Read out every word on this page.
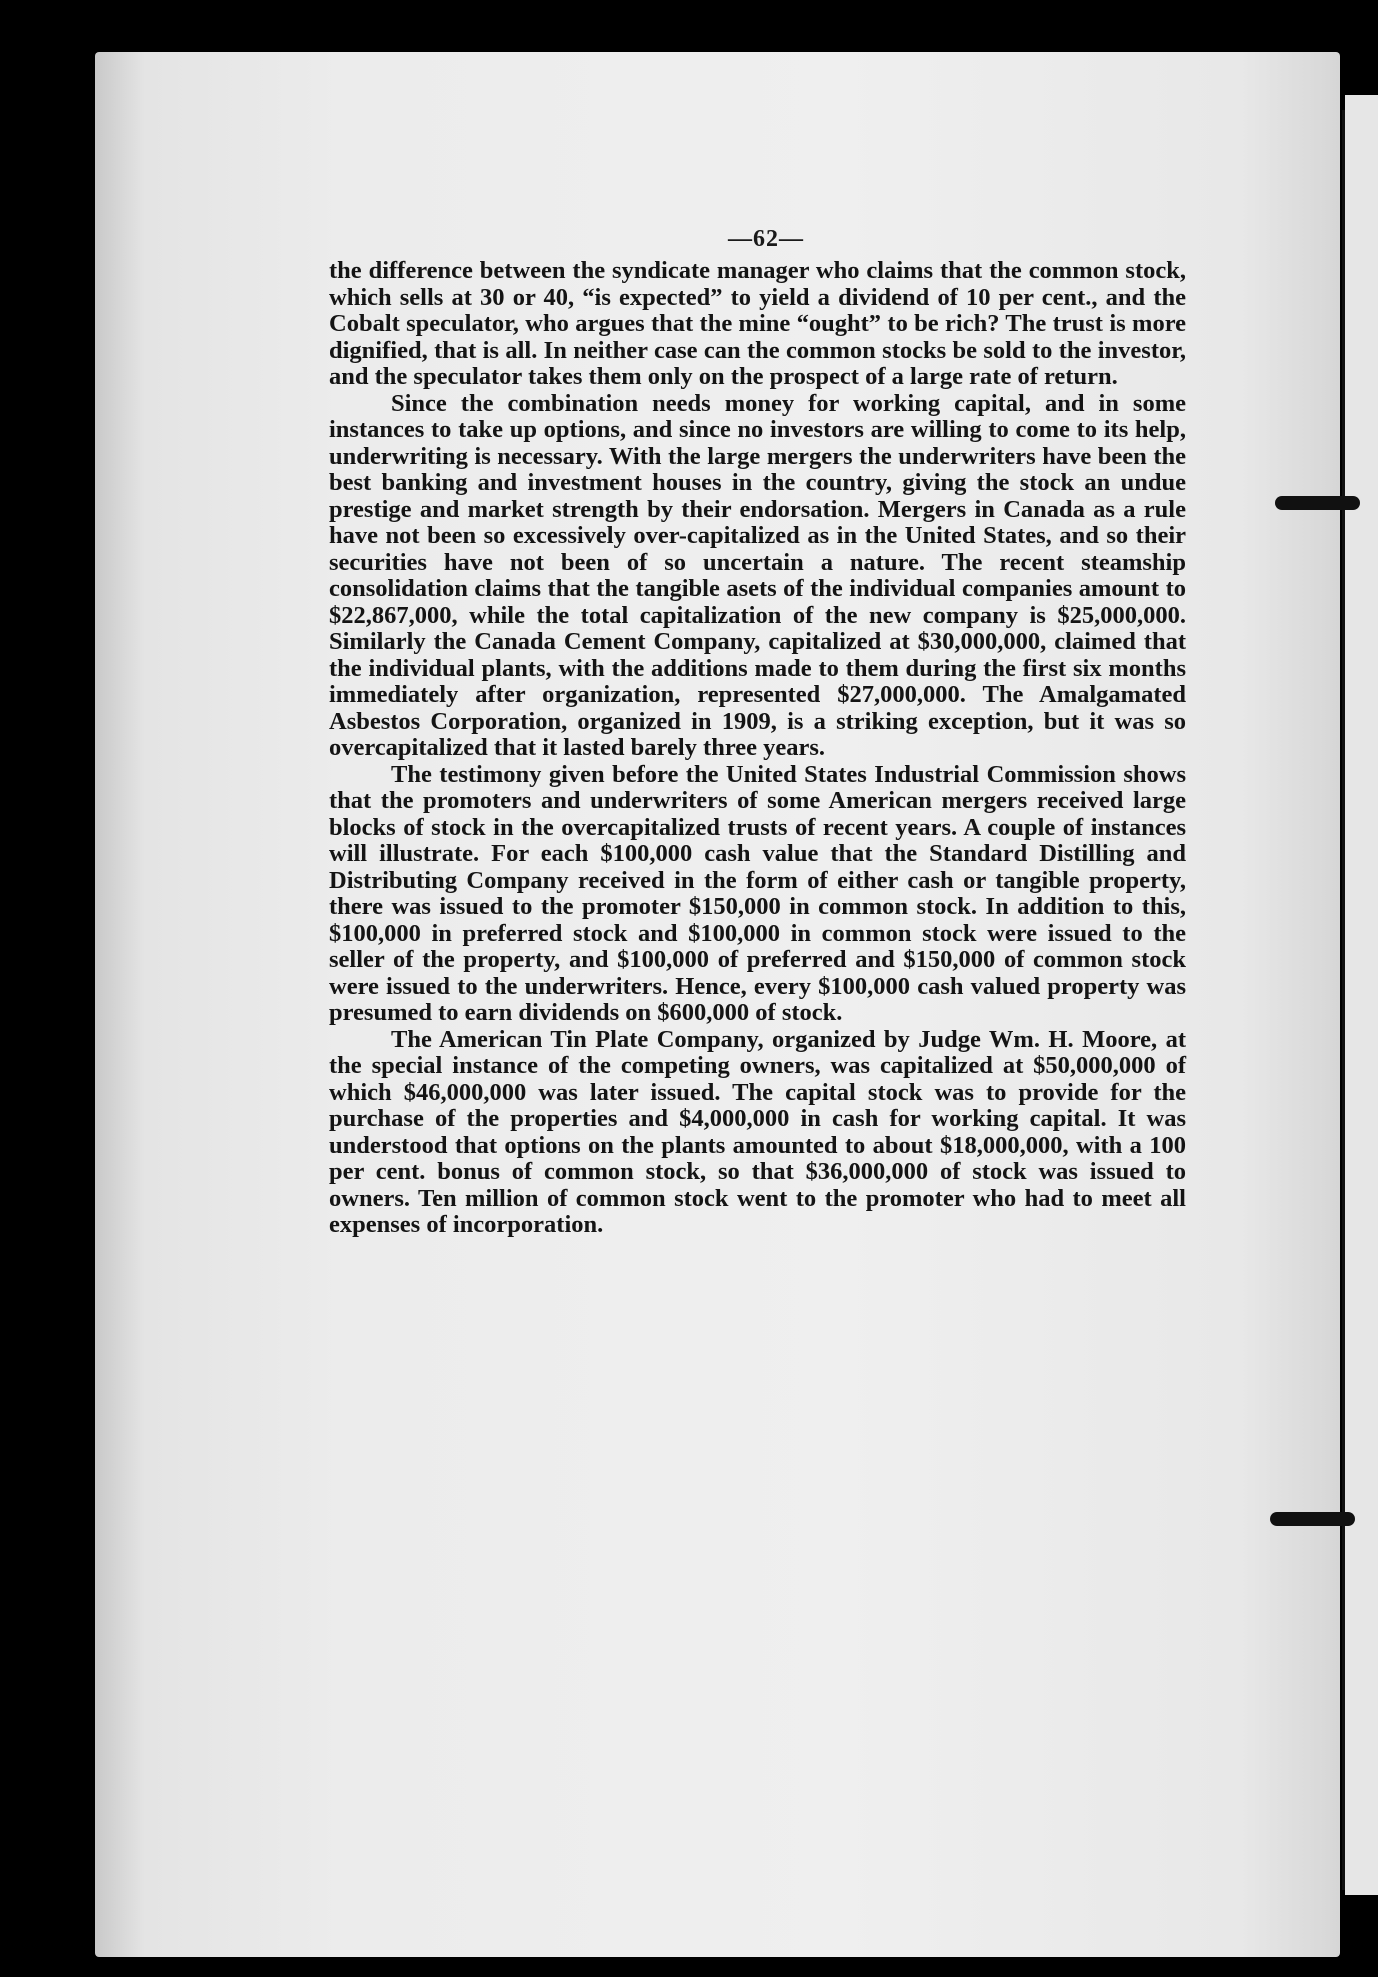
—62—

the difference between the syndicate manager who claims that the common stock, which sells at 30 or 40, “is expected” to yield a dividend of 10 per cent., and the Cobalt speculator, who argues that the mine “ought” to be rich? The trust is more dignified, that is all. In neither case can the common stocks be sold to the investor, and the speculator takes them only on the prospect of a large rate of return.

Since the combination needs money for working capital, and in some instances to take up options, and since no investors are willing to come to its help, underwriting is necessary. With the large mergers the underwriters have been the best banking and investment houses in the country, giving the stock an undue prestige and market strength by their endorsation. Mergers in Canada as a rule have not been so excessively over-capitalized as in the United States, and so their securities have not been of so uncertain a nature. The recent steamship consolidation claims that the tangible asets of the individual companies amount to $22,867,000, while the total capitalization of the new company is $25,000,000. Similarly the Canada Cement Company, capitalized at $30,000,000, claimed that the individual plants, with the additions made to them during the first six months immediately after organization, represented $27,000,000. The Amalgamated Asbestos Corporation, organized in 1909, is a striking exception, but it was so overcapitalized that it lasted barely three years.

The testimony given before the United States Industrial Commission shows that the promoters and underwriters of some American mergers received large blocks of stock in the overcapitalized trusts of recent years. A couple of instances will illustrate. For each $100,000 cash value that the Standard Distilling and Distributing Company received in the form of either cash or tangible property, there was issued to the promoter $150,000 in common stock. In addition to this, $100,000 in preferred stock and $100,000 in common stock were issued to the seller of the property, and $100,000 of preferred and $150,000 of common stock were issued to the underwriters. Hence, every $100,000 cash valued property was presumed to earn dividends on $600,000 of stock.

The American Tin Plate Company, organized by Judge Wm. H. Moore, at the special instance of the competing owners, was capitalized at $50,000,000 of which $46,000,000 was later issued. The capital stock was to provide for the purchase of the properties and $4,000,000 in cash for working capital. It was understood that options on the plants amounted to about $18,000,000, with a 100 per cent. bonus of common stock, so that $36,000,000 of stock was issued to owners. Ten million of common stock went to the promoter who had to meet all expenses of incorporation.
